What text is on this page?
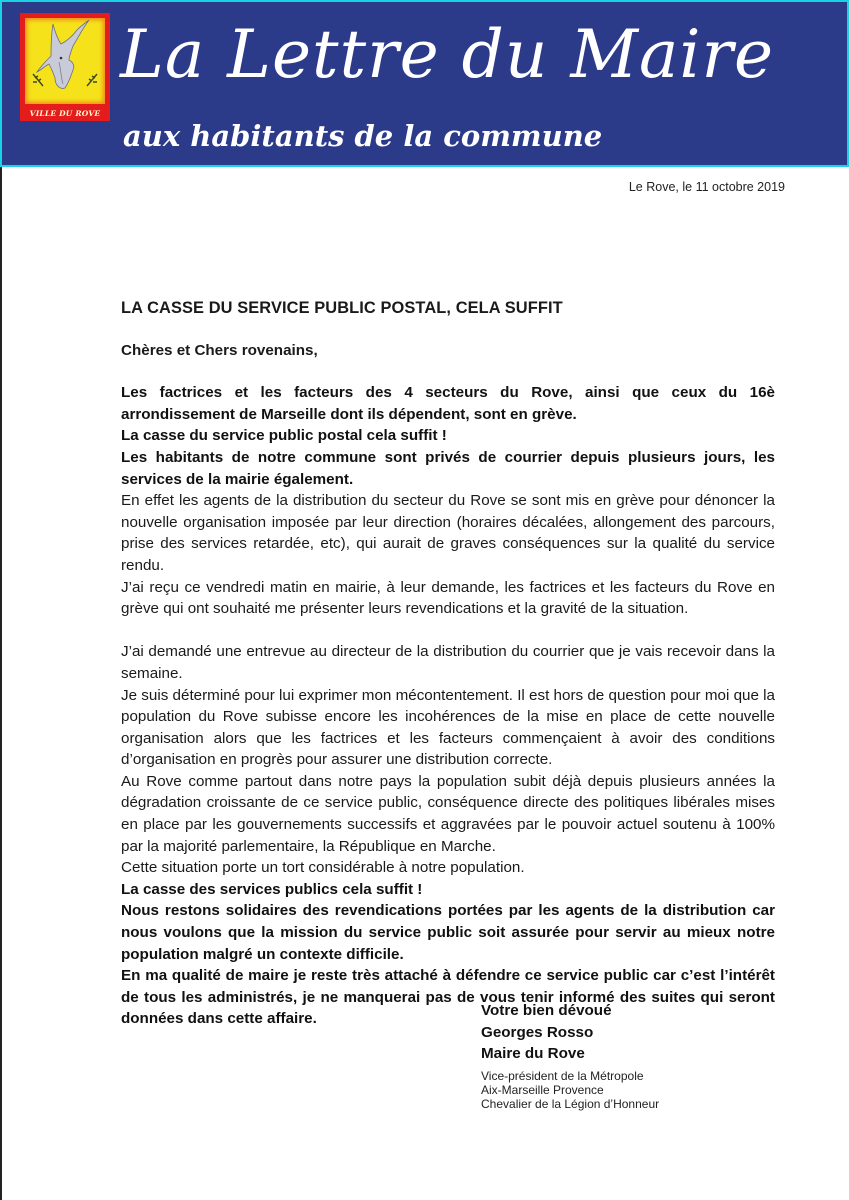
VILLE DU ROVE
La Lettre du Maire
aux habitants de la commune
Le Rove, le 11 octobre 2019
LA CASSE DU SERVICE PUBLIC POSTAL, CELA SUFFIT
Chères et Chers rovenains,

Les factrices et les facteurs des 4 secteurs du Rove, ainsi que ceux du 16è arrondissement de Marseille dont ils dépendent, sont en grève.

La casse du service public postal cela suffit !

Les habitants de notre commune sont privés de courrier depuis plusieurs jours, les services de la mairie également.

En effet les agents de la distribution du secteur du Rove se sont mis en grève pour dénoncer la nouvelle organisation imposée par leur direction (horaires décalées, allongement des parcours, prise des services retardée, etc), qui aurait de graves conséquences sur la qualité du service rendu.

J’ai reçu ce vendredi matin en mairie, à leur demande, les factrices et les facteurs du Rove en grève qui ont souhaité me présenter leurs revendications et la gravité de la situation.

J’ai demandé une entrevue au directeur de la distribution du courrier que je vais recevoir dans la semaine.

Je suis déterminé pour lui exprimer mon mécontentement. Il est hors de question pour moi que la population du Rove subisse encore les incohérences de la mise en place de cette nouvelle organisation alors que les factrices et les facteurs commençaient à avoir des conditions d’organisation en progrès pour assurer une distribution correcte.

Au Rove comme partout dans notre pays la population subit déjà depuis plusieurs années la dégradation croissante de ce service public, conséquence directe des politiques libérales mises en place par les gouvernements successifs et aggravées par le pouvoir actuel soutenu à 100% par la majorité parlementaire, la République en Marche.

Cette situation porte un tort considérable à notre population.

La casse des services publics cela suffit !

Nous restons solidaires des revendications portées par les agents de la distribution car nous voulons que la mission du service public soit assurée pour servir au mieux notre population malgré un contexte difficile.

En ma qualité de maire je reste très attaché à défendre ce service public car c’est l’intérêt de tous les administrés, je ne manquerai pas de vous tenir informé des suites qui seront données dans cette affaire.	Votre bien dévoué
Georges Rosso
Maire du Rove
Vice-président de la Métropole
Aix-Marseille Provence
Chevalier de la Légion d’Honneur
